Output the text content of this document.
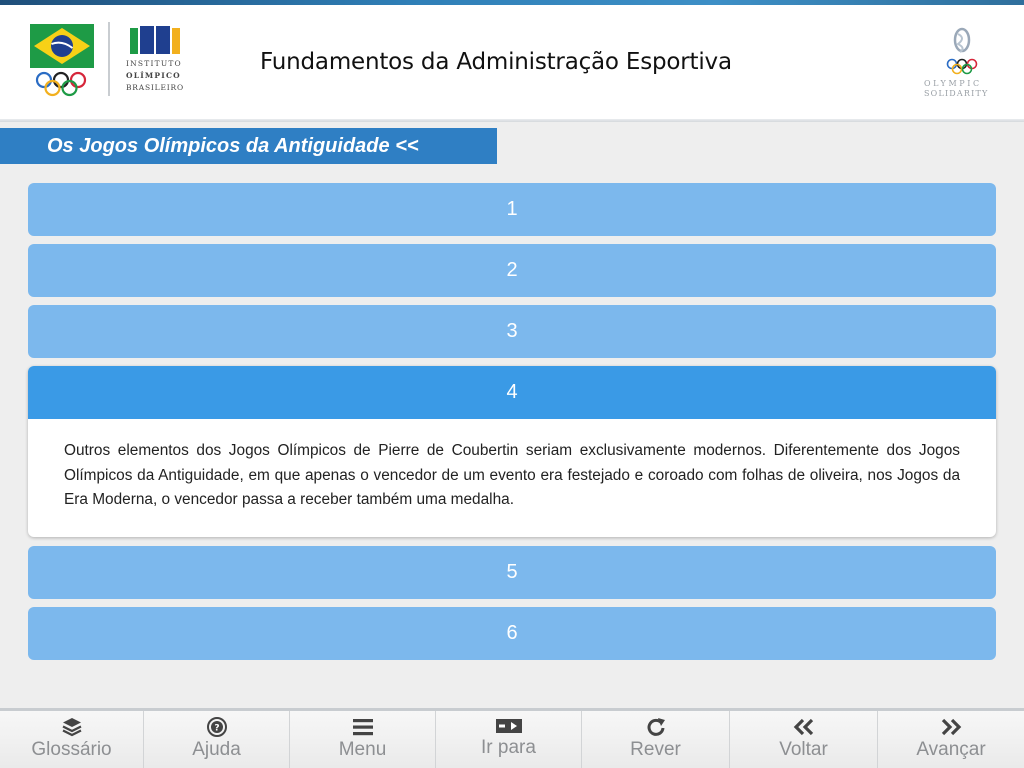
INSTITUTO
OLÍMPICO
BRASILEIRO
Fundamentos da Administração Esportiva
OLYMPIC
SOLIDARITY
Os Jogos Olímpicos da Antiguidade <<
1
2
3
4
Outros elementos dos Jogos Olímpicos de Pierre de Coubertin seriam exclusivamente modernos. Diferentemente dos Jogos Olímpicos da Antiguidade, em que apenas o vencedor de um evento era festejado e coroado com folhas de oliveira, nos Jogos da Era Moderna, o vencedor passa a receber também uma medalha.
5
6
Glossário
?
Ajuda	Menu	Ir para	Rever	Voltar	Avançar
